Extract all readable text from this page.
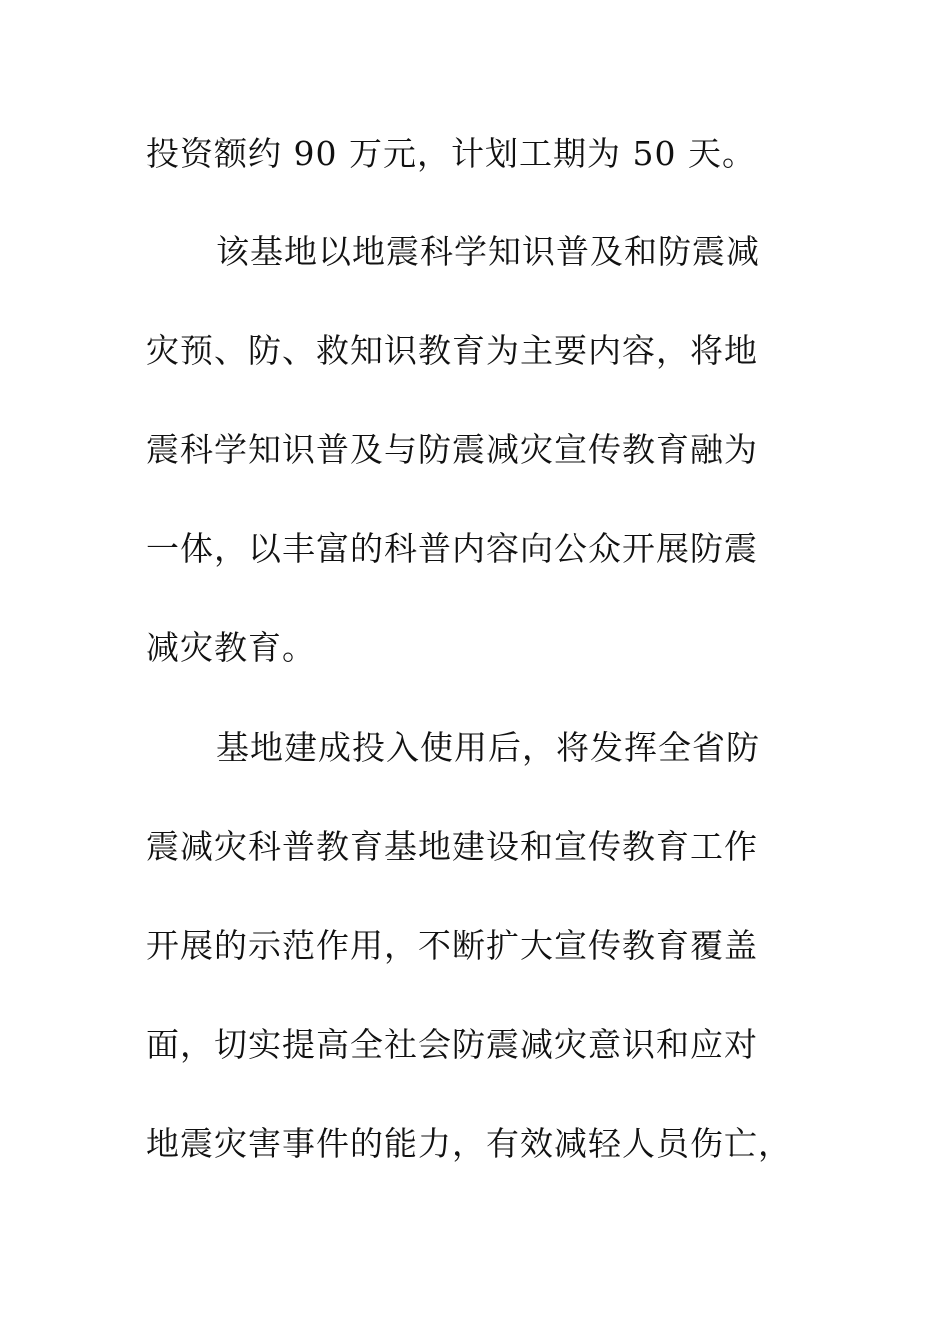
投资额约 90 万元，计划工期为 50 天。
该基地以地震科学知识普及和防震减
灾预、防、救知识教育为主要内容，将地
震科学知识普及与防震减灾宣传教育融为
一体，以丰富的科普内容向公众开展防震
减灾教育。
基地建成投入使用后，将发挥全省防
震减灾科普教育基地建设和宣传教育工作
开展的示范作用，不断扩大宣传教育覆盖
面，切实提高全社会防震减灾意识和应对
地震灾害事件的能力，有效减轻人员伤亡，
